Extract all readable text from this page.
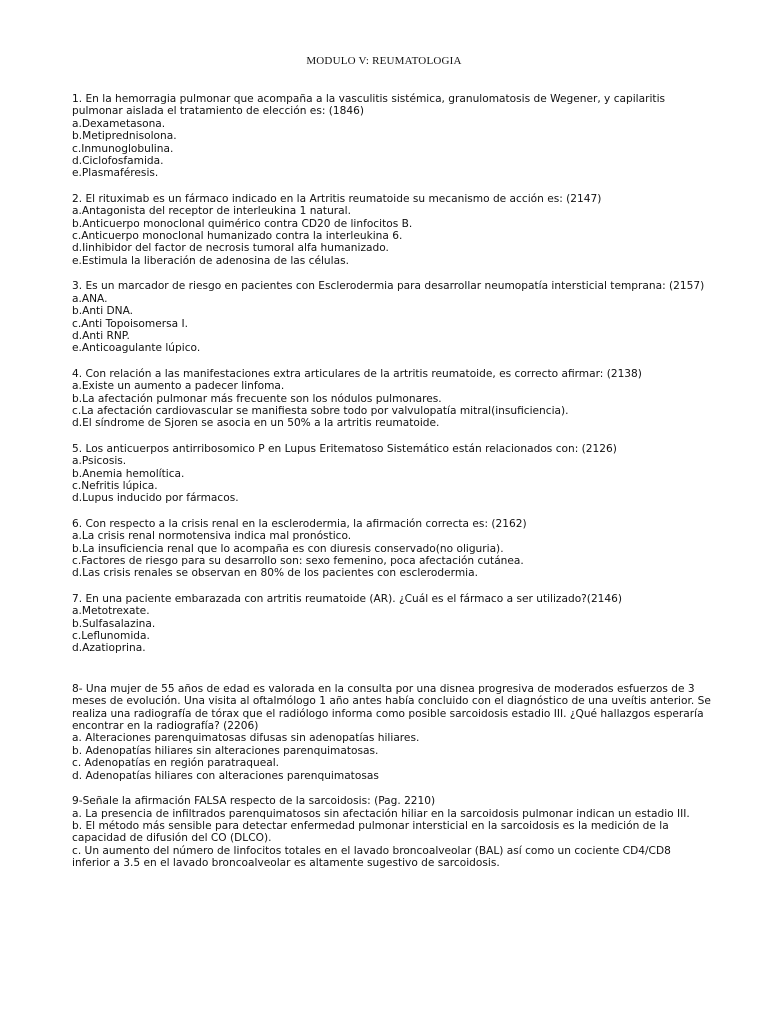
MODULO V: REUMATOLOGIA
1. En la hemorragia pulmonar que acompaña a la vasculitis sistémica, granulomatosis de Wegener, y capilaritis pulmonar aislada el tratamiento de elección es: (1846)
a.Dexametasona.
b.Metiprednisolona.
c.Inmunoglobulina.
d.Ciclofosfamida.
e.Plasmaféresis.
2. El rituximab es un fármaco indicado en la Artritis reumatoide su mecanismo de acción es: (2147)
a.Antagonista del receptor de interleukina 1 natural.
b.Anticuerpo monoclonal quimérico contra CD20 de linfocitos B.
c.Anticuerpo monoclonal humanizado contra la interleukina 6.
d.Iinhibidor del factor de necrosis tumoral alfa humanizado.
e.Estimula la liberación de adenosina de las células.
3. Es un marcador de riesgo en pacientes con Esclerodermia para desarrollar neumopatía intersticial temprana: (2157)
a.ANA.
b.Anti DNA.
c.Anti Topoisomersa I.
d.Anti RNP.
e.Anticoagulante lúpico.
4. Con relación a las manifestaciones extra articulares de la artritis reumatoide, es correcto afirmar: (2138)
a.Existe un aumento a padecer linfoma.
b.La afectación pulmonar más frecuente son los nódulos pulmonares.
c.La afectación cardiovascular se manifiesta sobre todo por valvulopatía mitral(insuficiencia).
d.El síndrome de Sjoren se asocia en un 50% a la artritis reumatoide.
5. Los anticuerpos antirribosomico P en Lupus Eritematoso Sistemático están relacionados con: (2126)
a.Psicosis.
b.Anemia hemolítica.
c.Nefritis lúpica.
d.Lupus inducido por fármacos.
6. Con respecto a la crisis renal en la esclerodermia, la afirmación correcta es: (2162)
a.La crisis renal normotensiva indica mal pronóstico.
b.La insuficiencia renal que lo acompaña es con diuresis conservado(no oliguria).
c.Factores de riesgo para su desarrollo son: sexo femenino, poca afectación cutánea.
d.Las crisis renales se observan en 80% de los pacientes con esclerodermia.
7. En una paciente embarazada con artritis reumatoide (AR). ¿Cuál es el fármaco a ser utilizado?(2146)
a.Metotrexate.
b.Sulfasalazina.
c.Leflunomida.
d.Azatioprina.
8- Una mujer de 55 años de edad es valorada en la consulta por una disnea progresiva de moderados esfuerzos de 3 meses de evolución. Una visita al oftalmólogo 1 año antes había concluido con el diagnóstico de una uveítis anterior. Se realiza una radiografía de tórax que el radiólogo informa como posible sarcoidosis estadio III. ¿Qué hallazgos esperaría encontrar en la radiografía? (2206)
a. Alteraciones parenquimatosas difusas sin adenopatías hiliares.
b. Adenopatías hiliares sin alteraciones parenquimatosas.
c. Adenopatías en región paratraqueal.
d. Adenopatías hiliares con alteraciones parenquimatosas
9-Señale la afirmación FALSA respecto de la sarcoidosis: (Pag. 2210)
a. La presencia de infiltrados parenquimatosos sin afectación hiliar en la sarcoidosis pulmonar indican un estadio III.
b. El método más sensible para detectar enfermedad pulmonar intersticial en la sarcoidosis es la medición de la capacidad de difusión del CO (DLCO).
c. Un aumento del número de linfocitos totales en el lavado broncoalveolar (BAL) así como un cociente CD4/CD8 inferior a 3.5 en el lavado broncoalveolar es altamente sugestivo de sarcoidosis.
